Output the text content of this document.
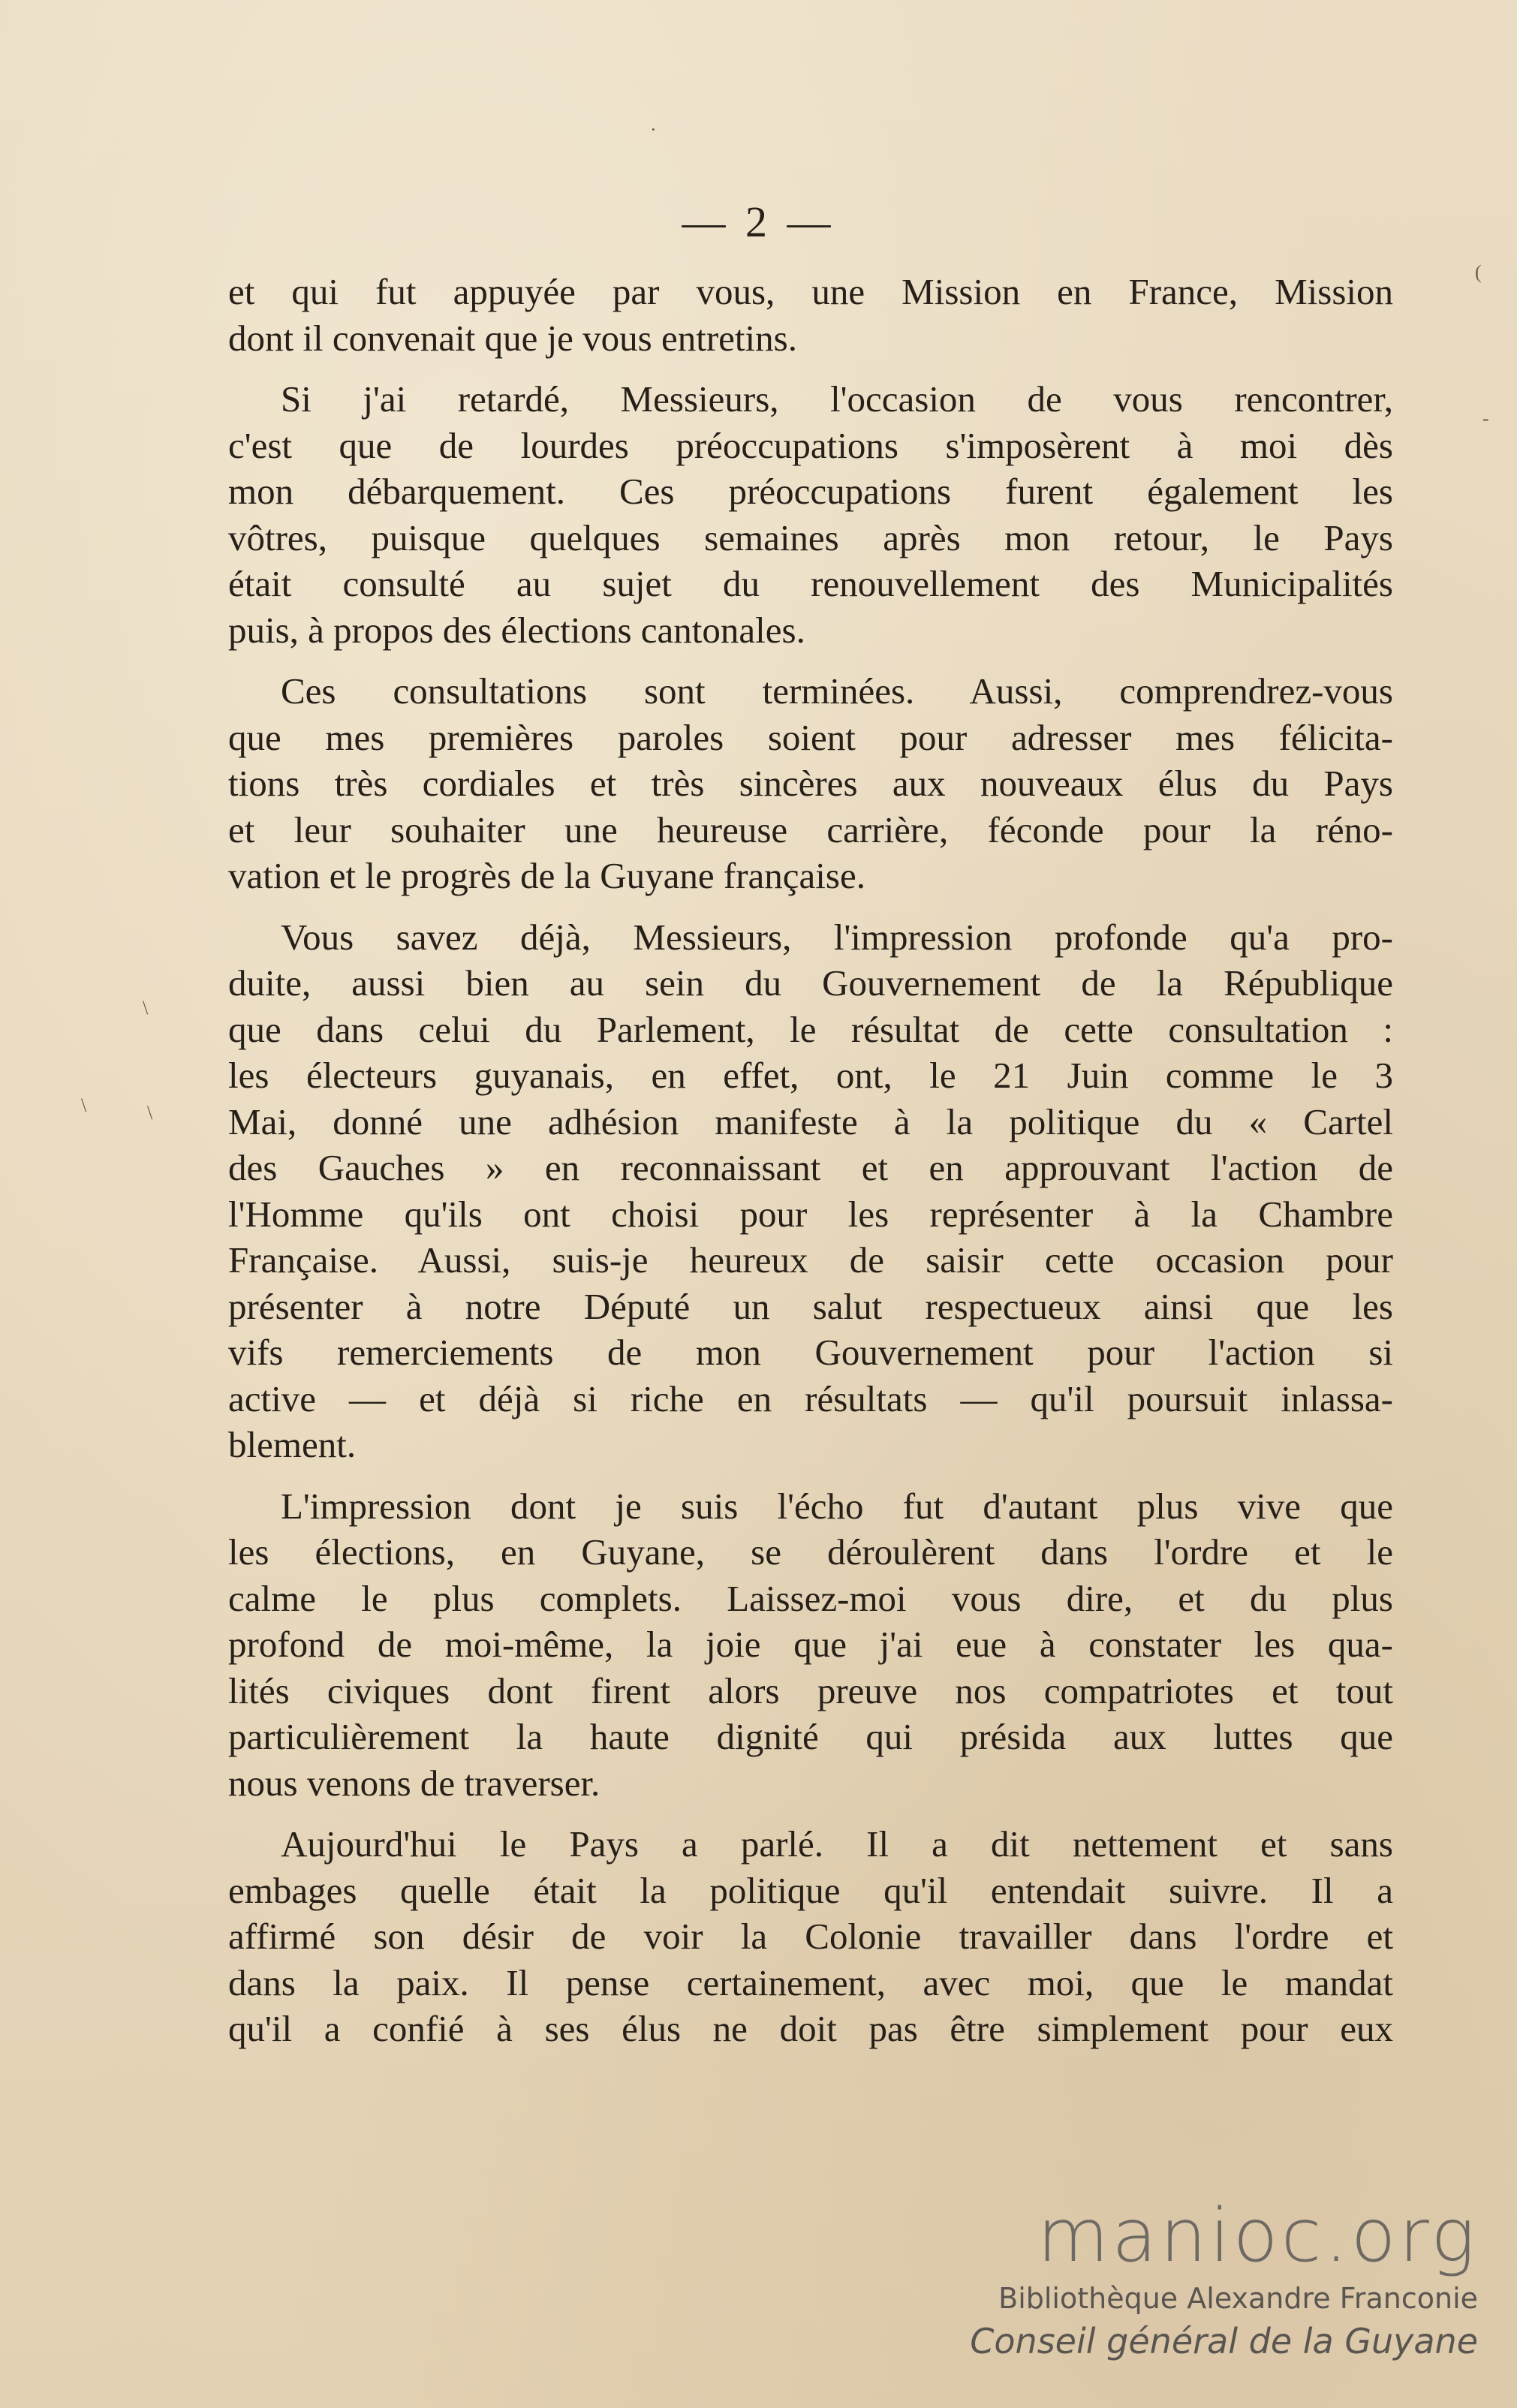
·
\
\	\
-
(
— 2 —
et qui fut appuyée par vous, une Mission en France, Mission
dont il convenait que je vous entretins.
Si j'ai retardé, Messieurs, l'occasion de vous rencontrer,
c'est que de lourdes préoccupations s'imposèrent à moi dès
mon débarquement. Ces préoccupations furent également les
vôtres, puisque quelques semaines après mon retour, le Pays
était consulté au sujet du renouvellement des Municipalités
puis, à propos des élections cantonales.
Ces consultations sont terminées. Aussi, comprendrez-vous
que mes premières paroles soient pour adresser mes félicita-
tions très cordiales et très sincères aux nouveaux élus du Pays
et leur souhaiter une heureuse carrière, féconde pour la réno-
vation et le progrès de la Guyane française.
Vous savez déjà, Messieurs, l'impression profonde qu'a pro-
duite, aussi bien au sein du Gouvernement de la République
que dans celui du Parlement, le résultat de cette consultation :
les électeurs guyanais, en effet, ont, le 21 Juin comme le 3
Mai, donné une adhésion manifeste à la politique du « Cartel
des Gauches » en reconnaissant et en approuvant l'action de
l'Homme qu'ils ont choisi pour les représenter à la Chambre
Française. Aussi, suis-je heureux de saisir cette occasion pour
présenter à notre Député un salut respectueux ainsi que les
vifs remerciements de mon Gouvernement pour l'action si
active — et déjà si riche en résultats — qu'il poursuit inlassa-
blement.
L'impression dont je suis l'écho fut d'autant plus vive que
les élections, en Guyane, se déroulèrent dans l'ordre et le
calme le plus complets. Laissez-moi vous dire, et du plus
profond de moi-même, la joie que j'ai eue à constater les qua-
lités civiques dont firent alors preuve nos compatriotes et tout
particulièrement la haute dignité qui présida aux luttes que
nous venons de traverser.
Aujourd'hui le Pays a parlé. Il a dit nettement et sans
embages quelle était la politique qu'il entendait suivre. Il a
affirmé son désir de voir la Colonie travailler dans l'ordre et
dans la paix. Il pense certainement, avec moi, que le mandat
qu'il a confié à ses élus ne doit pas être simplement pour eux
manioc.org
Bibliothèque Alexandre Franconie
Conseil général de la Guyane
